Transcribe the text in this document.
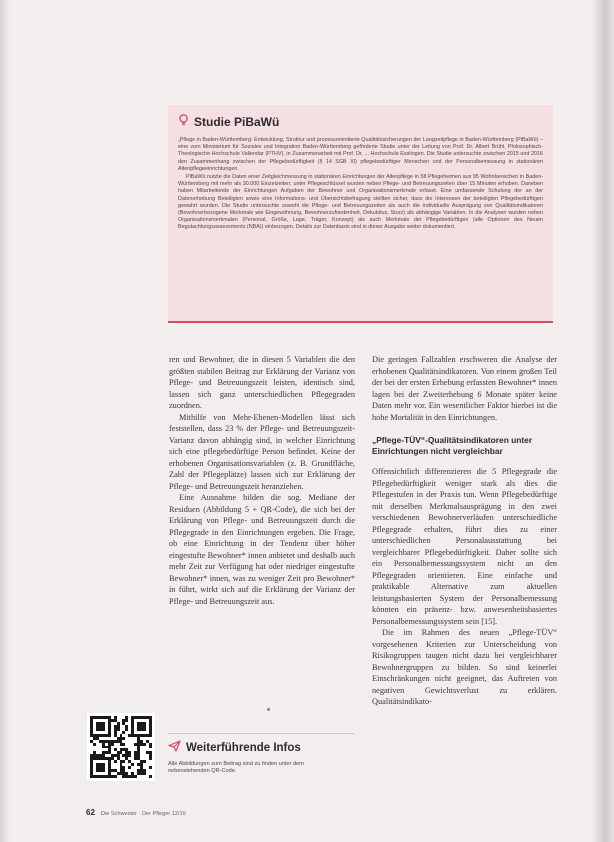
Studie PiBaWü

„Pflege in Baden-Württemberg: Entwicklung, Struktur und prozessorientierte Qualitätssicherungen der Langzeitpflege in Baden-Württemberg (PiBaWü) – eine vom Ministerium für Soziales und Integration Baden-Württemberg geförderte Studie unter der Leitung von Prof. Dr. Albert Brühl, Philosophisch-Theologische Hochschule Vallendar (PTHV), in Zusammenarbeit mit Prof. Dr. ... Hochschule Esslingen. Die Studie untersuchte zwischen 2015 und 2016 den Zusammenhang zwischen der Pflegebedürftigkeit (§ 14 SGB XI) pflegebedürftiger Menschen und der Personalbemessung in stationären Altenpflegeeinrichtungen.

PiBaWü nutzte die Daten einer Zeitgleichmessung in stationären Einrichtungen der Altenpflege in 58 Pflegeheimen aus 95 Wohnbereichen in Baden-Württemberg mit mehr als 30.000 Einzelzeiten; unter Pflegeschlüssel wurden neben Pflege- und Betreuungszeiten über 15 Minuten erhoben. Daneben haben Mitarbeitende der Einrichtungen Aufgaben der Bewohner und Organisationsmerkmale erfasst. Eine umfassende Schulung der an der Datenerhebung Beteiligten sowie eine Informations- und Übersichtsbefragung stellten sicher, dass die Interessen der beteiligten Pflegebedürftigen gewahrt wurden. Die Studie untersuchte sowohl die Pflege- und Betreuungszeiten als auch die individuelle Ausprägung von Qualitätsindikatoren (Bewohnerbezogene Merkmale wie Eingewöhnung, Bewohnerzufriedenheit, Dekubitus, Sturz) als abhängige Variablen. In die Analysen wurden neben Organisationsmerkmalen (Personal, Größe, Lage, Träger, Konzept) als auch Merkmale der Pflegebedürftigen (alle Optionen des Neuen Begutachtungsassessments (NBA)) einbezogen. Details zur Datenbasis sind in dieser Ausgabe weiter dokumentiert.

ren und Bewohner, die in diesen 5 Variablen die den größten stabilen Beitrag zur Erklärung der Varianz von Pflege- und Betreuungszeit leisten, identisch sind, lassen sich ganz unterschiedlichen Pflegegraden zuordnen.

Mithilfe von Mehr-Ebenen-Modellen lässt sich feststellen, dass 23 % der Pflege- und Betreuungszeit-Varianz davon abhängig sind, in welcher Einrichtung sich eine pflegebedürftige Person befindet. Keine der erhobenen Organisationsvariablen (z. B. Grundfläche, Zahl der Pflegeplätze) lassen sich zur Erklärung der Pflege- und Betreuungszeit heranziehen.

Eine Ausnahme bilden die sog. Mediane der Residuen (Abbildung 5 + QR-Code), die sich bei der Erklärung von Pflege- und Betreuungszeit durch die Pflegegrade in den Einrichtungen ergeben. Die Frage, ob eine Einrichtung in der Tendenz über höher eingestufte Bewohner* innen anbietet und deshalb auch mehr Zeit zur Verfügung hat oder niedriger eingestufte Bewohner* innen, was zu weniger Zeit pro Bewohner* in führt, wirkt sich auf die Erklärung der Varianz der Pflege- und Betreuungszeit aus.

Die geringen Fallzahlen erschweren die Analyse der erhobenen Qualitätsindikatoren. Von einem großen Teil der bei der ersten Erhebung erfassten Bewohner* innen lagen bei der Zweiterhebung 6 Monate später keine Daten mehr vor. Ein wesentlicher Faktor hierbei ist die hohe Mortalität in den Einrichtungen.

„Pflege-TÜV“-Qualitätsindikatoren unter Einrichtungen nicht vergleichbar

Offensichtlich differenzieren die 5 Pflegegrade die Pflegebedürftigkeit weniger stark als dies die Pflegestufen in der Praxis tun. Wenn Pflegebedürftige mit derselben Merkmalsausprägung in den zwei verschiedenen Bewohnerverläufen unterschiedliche Pflegegrade erhalten, führt dies zu einer unterschiedlichen Personalausstattung bei vergleichbarer Pflegebedürftigkeit. Daher sollte sich ein Personalbemessungssystem nicht an den Pflegegraden orientieren. Eine einfache und praktikable Alternative zum aktuellen leistungsbasierten System der Personalbemessung könnten ein präsenz- bzw. anwesenheitsbasiertes Personalbemessungssystem sein [15].

Die im Rahmen des neuen „Pflege-TÜV“ vorgesehenen Kriterien zur Unterscheidung von Risikogruppen taugen nicht dazu bei vergleichbarer Bewohnergruppen zu bilden. So sind keinerlei Einschränkungen nicht geeignet, das Auftreten von negativen Gewichtsverlust zu erklären. Qualitätsindikato-

Weiterführende Infos
Alle Abbildungen zum Beitrag sind zu finden unter dem nebenstehenden QR-Code.
62 Die Schwester · Der Pfleger 12/19
